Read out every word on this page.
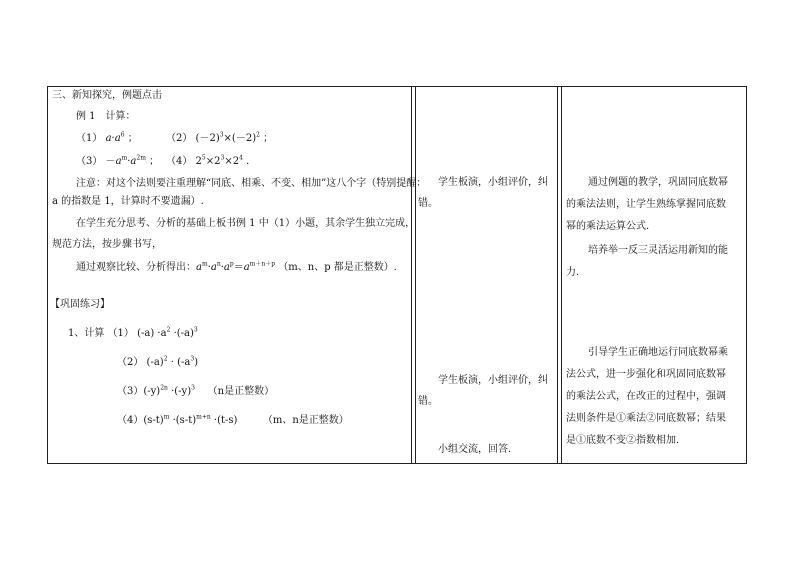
三、新知探究，例题点击
例 1　计算：
（1） $a\cdot a^6$ ；	（2） $(-2)^3\times(-2)^2$ ；
$(3) -a^m\cdot a^{2m}$ ； （4） $2^5\times 2^3\times 2^4$ ．
注意：对这个法则要注重理解“同底、相乘、不变、相加”这八个字（特别提醒：
a 的指数是 1，计算时不要遗漏）.
在学生充分思考、分析的基础上板书例 1 中（1）小题，其余学生独立完成，
规范方法，按步骤书写，
通过观察比较、分析得出：$a^m\cdot a^n\cdot a^p=a^{m+n+p}$ （m、n、p 都是正整数）.
【巩固练习】
1、计算 （1） $(-a) \cdot a^2 \cdot(-a)^3$
（2） $(-a)^2 \cdot (-a^3)$
$(3)(-y)^{2n} \cdot(-y)^3$ （n是正整数）
$(4)(s-t)^m \cdot(s-t)^{m+n} \cdot(t-s)$        （m、n是正整数）
学生板演，小组评价，纠错。
学生板演，小组评价，纠错。
小组交流，回答．
通过例题的教学，巩固同底数幂的乘法法则，让学生熟练掌握同底数幂的乘法运算公式．
培养举一反三灵活运用新知的能力．
引导学生正确地运行同底数幂乘法公式，进一步强化和巩固同底数幂的乘法公式，在改正的过程中，强调法则条件是①乘法②同底数幂；结果是①底数不变②指数相加．
